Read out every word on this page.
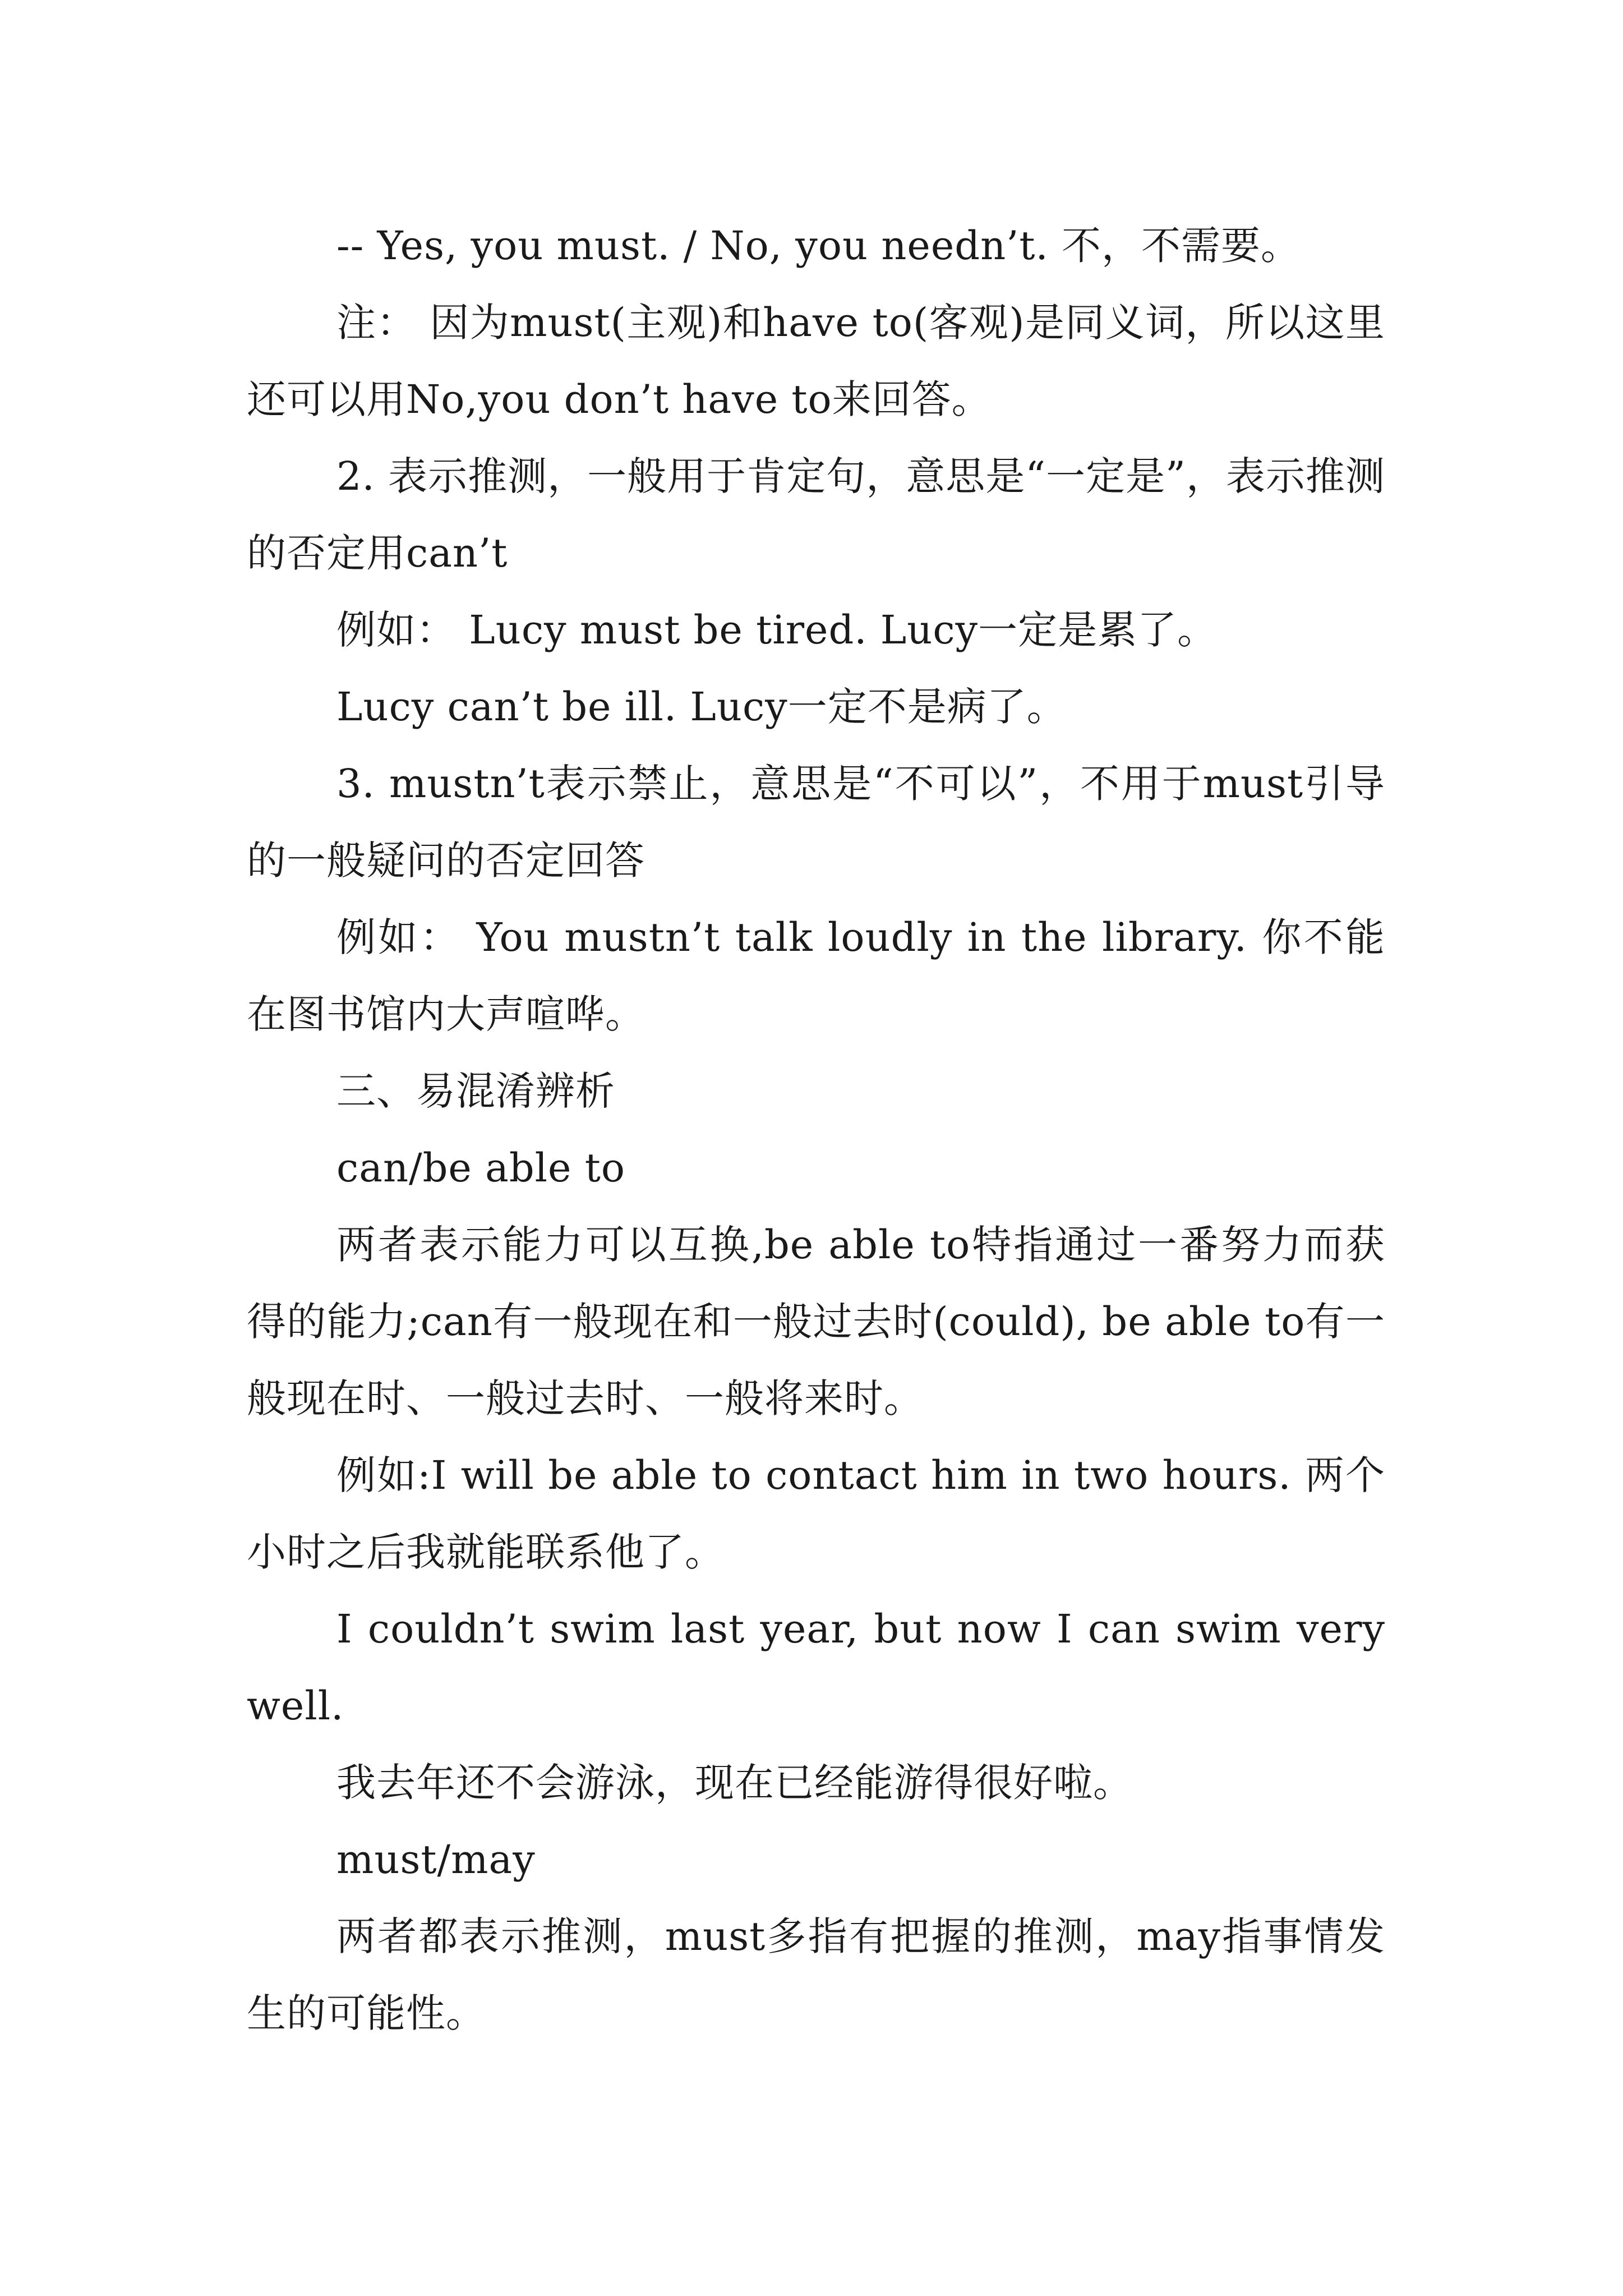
-- Yes, you must. / No, you needn’t. 不，不需要。

注： 因为must(主观)和have to(客观)是同义词，所以这里还可以用No,you don’t have to来回答。

2. 表示推测，一般用于肯定句，意思是“一定是”，表示推测的否定用can’t

例如： Lucy must be tired. Lucy一定是累了。

Lucy can’t be ill. Lucy一定不是病了。

3. mustn’t表示禁止，意思是“不可以”，不用于must引导的一般疑问的否定回答

例如： You mustn’t talk loudly in the library. 你不能在图书馆内大声喧哗。

三、易混淆辨析

can/be able to

两者表示能力可以互换,be able to特指通过一番努力而获得的能力;can有一般现在和一般过去时(could), be able to有一般现在时、一般过去时、一般将来时。

例如:I will be able to contact him in two hours. 两个小时之后我就能联系他了。

I couldn’t swim last year, but now I can swim very well.

我去年还不会游泳，现在已经能游得很好啦。

must/may

两者都表示推测，must多指有把握的推测，may指事情发生的可能性。
